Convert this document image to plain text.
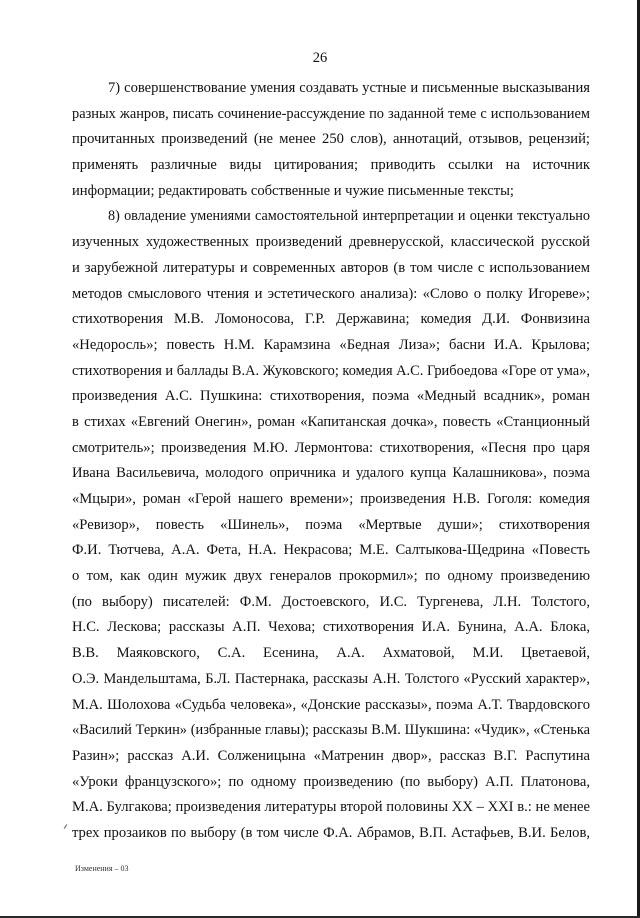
26
7) совершенствование умения создавать устные и письменные высказывания
разных жанров, писать сочинение-рассуждение по заданной теме с использованием
прочитанных произведений (не менее 250 слов), аннотаций, отзывов, рецензий;
применять различные виды цитирования; приводить ссылки на источник
информации; редактировать собственные и чужие письменные тексты;
8) овладение умениями самостоятельной интерпретации и оценки текстуально
изученных художественных произведений древнерусской, классической русской
и зарубежной литературы и современных авторов (в том числе с использованием
методов смыслового чтения и эстетического анализа): «Слово о полку Игореве»;
стихотворения М.В. Ломоносова, Г.Р. Державина; комедия Д.И. Фонвизина
«Недоросль»; повесть Н.М. Карамзина «Бедная Лиза»; басни И.А. Крылова;
стихотворения и баллады В.А. Жуковского; комедия А.С. Грибоедова «Горе от ума»,
произведения А.С. Пушкина: стихотворения, поэма «Медный всадник», роман
в стихах «Евгений Онегин», роман «Капитанская дочка», повесть «Станционный
смотритель»; произведения М.Ю. Лермонтова: стихотворения, «Песня про царя
Ивана Васильевича, молодого опричника и удалого купца Калашникова», поэма
«Мцыри», роман «Герой нашего времени»; произведения Н.В. Гоголя: комедия
«Ревизор», повесть «Шинель», поэма «Мертвые души»; стихотворения
Ф.И. Тютчева, А.А. Фета, Н.А. Некрасова; М.Е. Салтыкова-Щедрина «Повесть
о том, как один мужик двух генералов прокормил»; по одному произведению
(по выбору) писателей: Ф.М. Достоевского, И.С. Тургенева, Л.Н. Толстого,
Н.С. Лескова; рассказы А.П. Чехова; стихотворения И.А. Бунина, А.А. Блока,
В.В. Маяковского, С.А. Есенина, А.А. Ахматовой, М.И. Цветаевой,
О.Э. Мандельштама, Б.Л. Пастернака, рассказы А.Н. Толстого «Русский характер»,
М.А. Шолохова «Судьба человека», «Донские рассказы», поэма А.Т. Твардовского
«Василий Теркин» (избранные главы); рассказы В.М. Шукшина: «Чудик», «Стенька
Разин»; рассказ А.И. Солженицына «Матренин двор», рассказ В.Г. Распутина
«Уроки французского»; по одному произведению (по выбору) А.П. Платонова,
М.А. Булгакова; произведения литературы второй половины XX – XXI в.: не менее
трех прозаиков по выбору (в том числе Ф.А. Абрамов, В.П. Астафьев, В.И. Белов,
Изменения – 03
